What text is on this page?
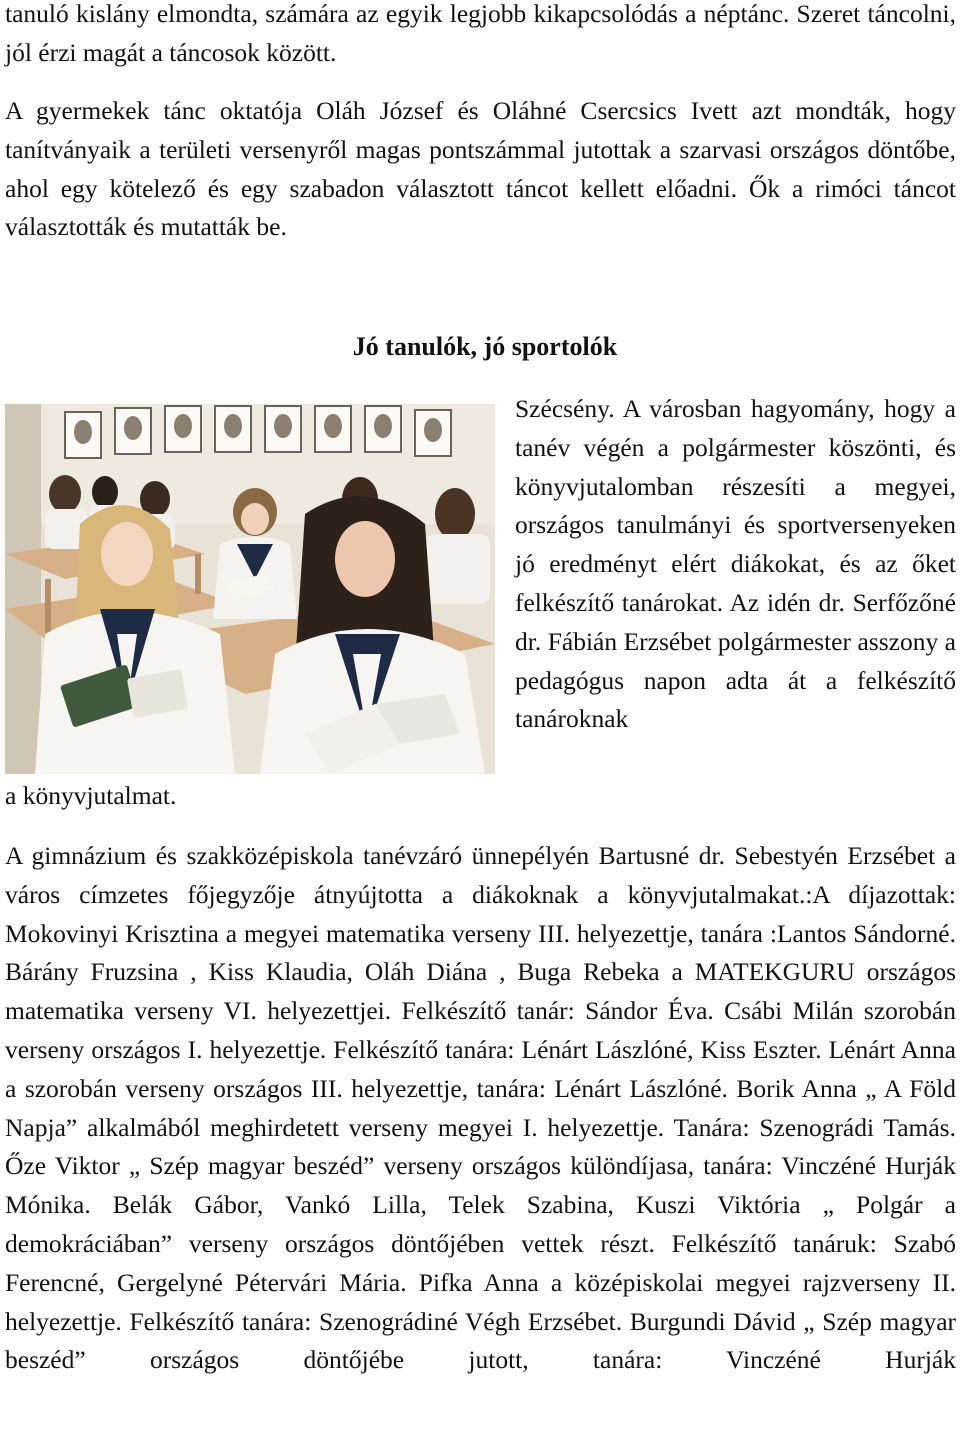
tanuló kislány elmondta, számára az egyik legjobb kikapcsolódás a néptánc. Szeret táncolni, jól érzi magát a táncosok között.

A gyermekek tánc oktatója Oláh József és Oláhné Csercsics Ivett azt mondták, hogy tanítványaik a területi versenyről magas pontszámmal jutottak a szarvasi országos döntőbe, ahol egy kötelező és egy szabadon választott táncot kellett előadni. Ők a rimóci táncot választották és mutatták be.

Jó tanulók, jó sportolók

Szécsény. A városban hagyomány, hogy a tanév végén a polgármester köszönti, és könyvjutalomban részesíti a megyei, országos tanulmányi és sportversenyeken jó eredményt elért diákokat, és az őket felkészítő tanárokat. Az idén dr. Serfőzőné dr. Fábián Erzsébet polgármester asszony a pedagógus napon adta át a felkészítő tanároknak

a könyvjutalmat.

A gimnázium és szakközépiskola tanévzáró ünnepélyén Bartusné dr. Sebestyén Erzsébet a város címzetes főjegyzője átnyújtotta a diákoknak a könyvjutalmakat.:A díjazottak: Mokovinyi Krisztina a megyei matematika verseny III. helyezettje, tanára :Lantos Sándorné. Bárány Fruzsina , Kiss Klaudia, Oláh Diána , Buga Rebeka a MATEKGURU országos matematika verseny VI. helyezettjei. Felkészítő tanár: Sándor Éva. Csábi Milán szorobán verseny országos I. helyezettje. Felkészítő tanára: Lénárt Lászlóné, Kiss Eszter. Lénárt Anna a szorobán verseny országos III. helyezettje, tanára: Lénárt Lászlóné. Borik Anna „ A Föld Napja” alkalmából meghirdetett verseny megyei I. helyezettje. Tanára: Szenográdi Tamás. Őze Viktor „ Szép magyar beszéd” verseny országos különdíjasa, tanára: Vinczéné Hurják Mónika. Belák Gábor, Vankó Lilla, Telek Szabina, Kuszi Viktória „ Polgár a demokráciában” verseny országos döntőjében vettek részt. Felkészítő tanáruk: Szabó Ferencné, Gergelyné Pétervári Mária. Pifka Anna a középiskolai megyei rajzverseny II. helyezettje. Felkészítő tanára: Szenográdiné Végh Erzsébet. Burgundi Dávid „ Szép magyar beszéd” országos döntőjébe jutott, tanára: Vinczéné Hurják
